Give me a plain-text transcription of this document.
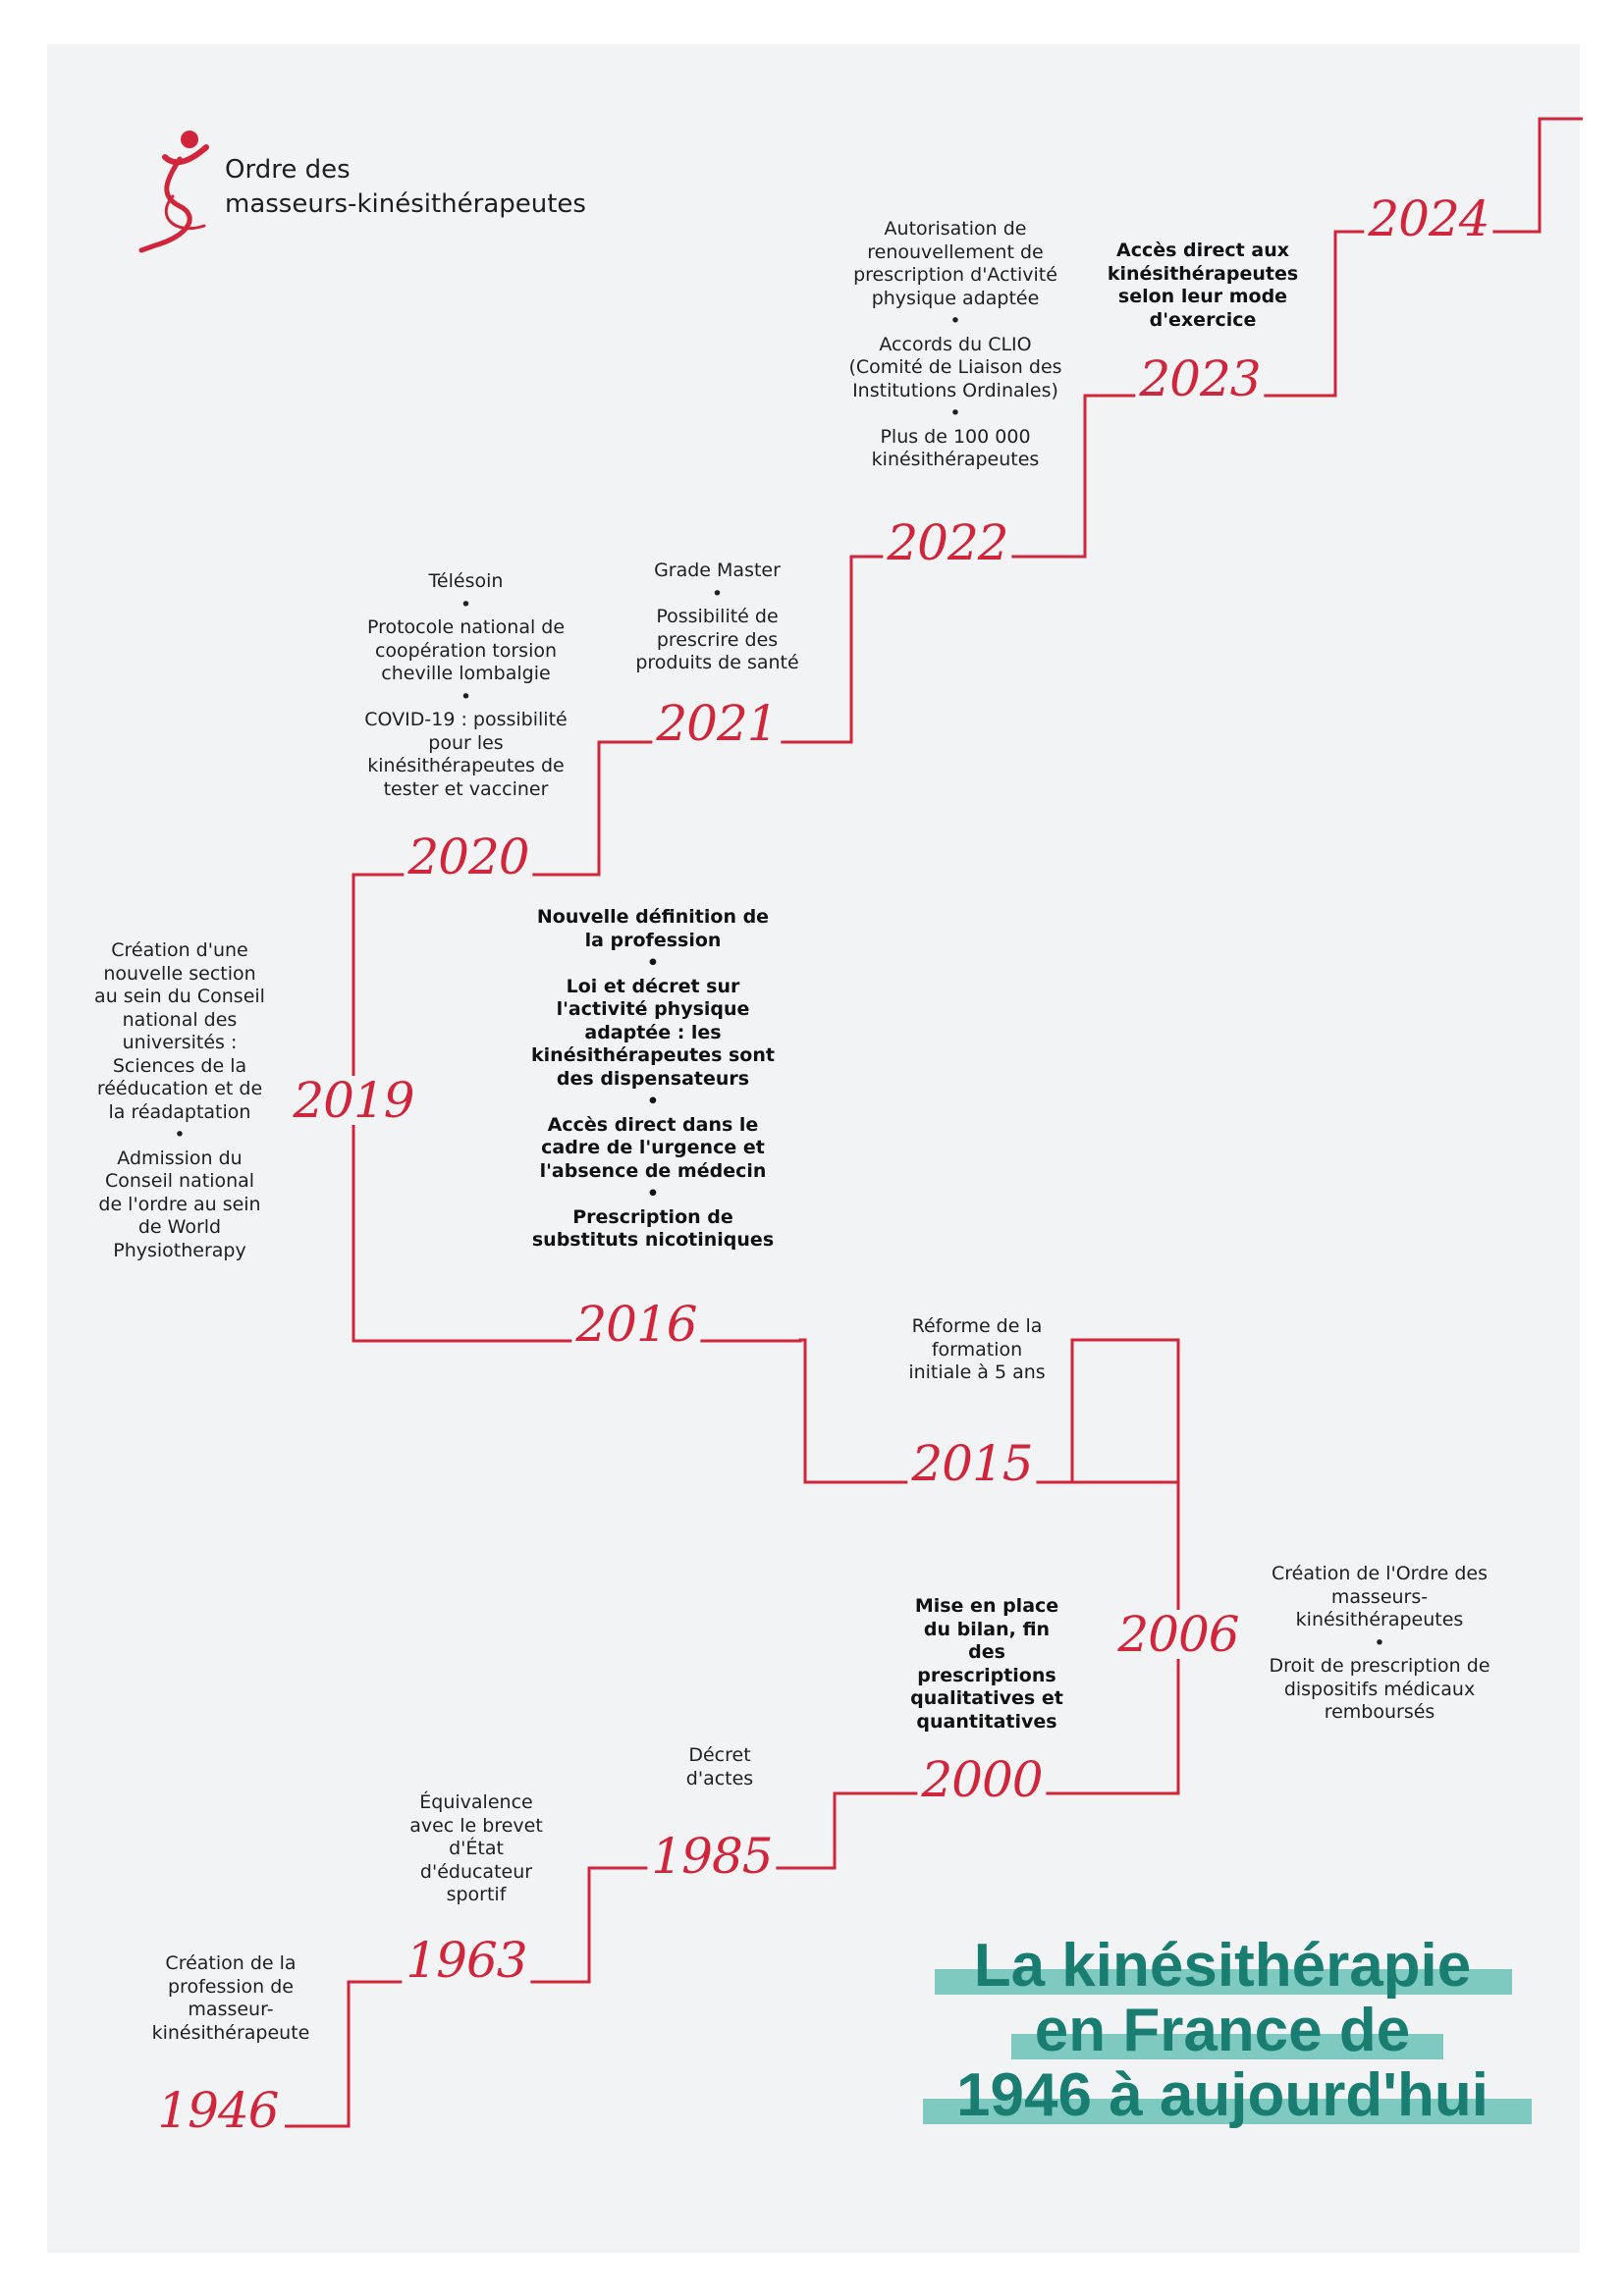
Ordre des
masseurs-kinésithérapeutes
1946
1963
1985
2000
2006
2015
2016
2019
2020
2021
2022
2023
2024

Création de la profession de masseur-kinésithérapeute

Équivalence avec le brevet d'État d'éducateur sportif

Décret d'actes

Mise en place du bilan, fin des prescriptions qualitatives et quantitatives

Création de l'Ordre des masseurs-kinésithérapeutes

•

Droit de prescription de dispositifs médicaux remboursés

Réforme de la formation initiale à 5 ans

Nouvelle définition de la profession

•

Loi et décret sur l'activité physique adaptée : les kinésithérapeutes sont des dispensateurs

•

Accès direct dans le cadre de l'urgence et l'absence de médecin

•

Prescription de substituts nicotiniques

Création d'une nouvelle section au sein du Conseil national des universités : Sciences de la rééducation et de la réadaptation

•

Admission du Conseil national de l'ordre au sein de World Physiotherapy

Télésoin

•

Protocole national de coopération torsion cheville lombalgie

•

COVID-19 : possibilité pour les kinésithérapeutes de tester et vacciner

Grade Master

•

Possibilité de prescrire des produits de santé

Autorisation de renouvellement de prescription d'Activité physique adaptée

•

Accords du CLIO (Comité de Liaison des Institutions Ordinales)

•

Plus de 100 000 kinésithérapeutes

Accès direct aux kinésithérapeutes selon leur mode d'exercice

La kinésithérapie
en France de
1946 à aujourd'hui
